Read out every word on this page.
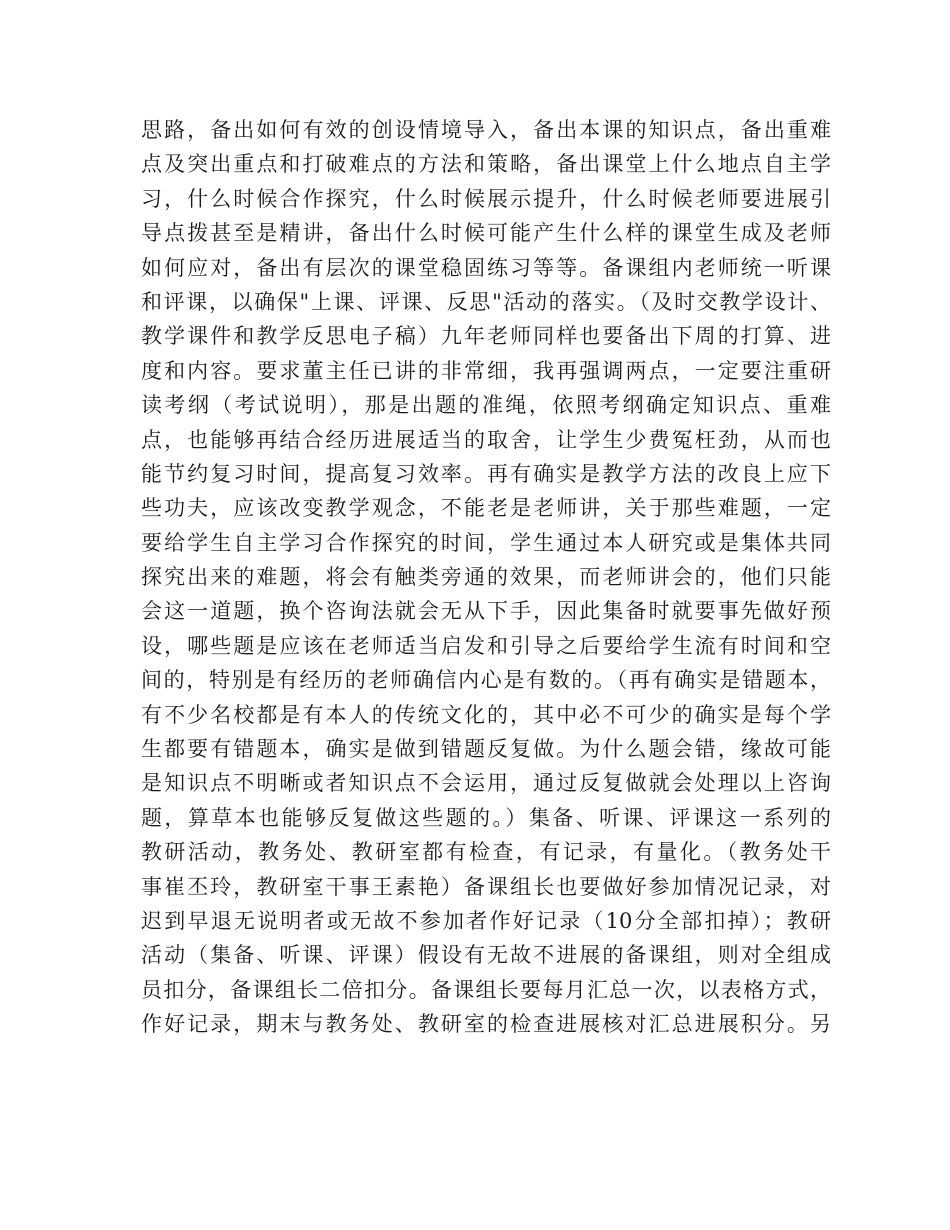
思路，备出如何有效的创设情境导入，备出本课的知识点，备出重难
点及突出重点和打破难点的方法和策略，备出课堂上什么地点自主学
习，什么时候合作探究，什么时候展示提升，什么时候老师要进展引
导点拨甚至是精讲，备出什么时候可能产生什么样的课堂生成及老师
如何应对，备出有层次的课堂稳固练习等等。备课组内老师统一听课
和评课，以确保"上课、评课、反思"活动的落实。（及时交教学设计、
教学课件和教学反思电子稿）九年老师同样也要备出下周的打算、进
度和内容。要求董主任已讲的非常细，我再强调两点，一定要注重研
读考纲（考试说明），那是出题的准绳，依照考纲确定知识点、重难
点，也能够再结合经历进展适当的取舍，让学生少费冤枉劲，从而也
能节约复习时间，提高复习效率。再有确实是教学方法的改良上应下
些功夫，应该改变教学观念，不能老是老师讲，关于那些难题，一定
要给学生自主学习合作探究的时间，学生通过本人研究或是集体共同
探究出来的难题，将会有触类旁通的效果，而老师讲会的，他们只能
会这一道题，换个咨询法就会无从下手，因此集备时就要事先做好预
设，哪些题是应该在老师适当启发和引导之后要给学生流有时间和空
间的，特别是有经历的老师确信内心是有数的。（再有确实是错题本，
有不少名校都是有本人的传统文化的，其中必不可少的确实是每个学
生都要有错题本，确实是做到错题反复做。为什么题会错，缘故可能
是知识点不明晰或者知识点不会运用，通过反复做就会处理以上咨询
题，算草本也能够反复做这些题的。）集备、听课、评课这一系列的
教研活动，教务处、教研室都有检查，有记录，有量化。（教务处干
事崔丕玲，教研室干事王素艳）备课组长也要做好参加情况记录，对
迟到早退无说明者或无故不参加者作好记录（10分全部扣掉）；教研
活动（集备、听课、评课）假设有无故不进展的备课组，则对全组成
员扣分，备课组长二倍扣分。备课组长要每月汇总一次，以表格方式，
作好记录，期末与教务处、教研室的检查进展核对汇总进展积分。另
